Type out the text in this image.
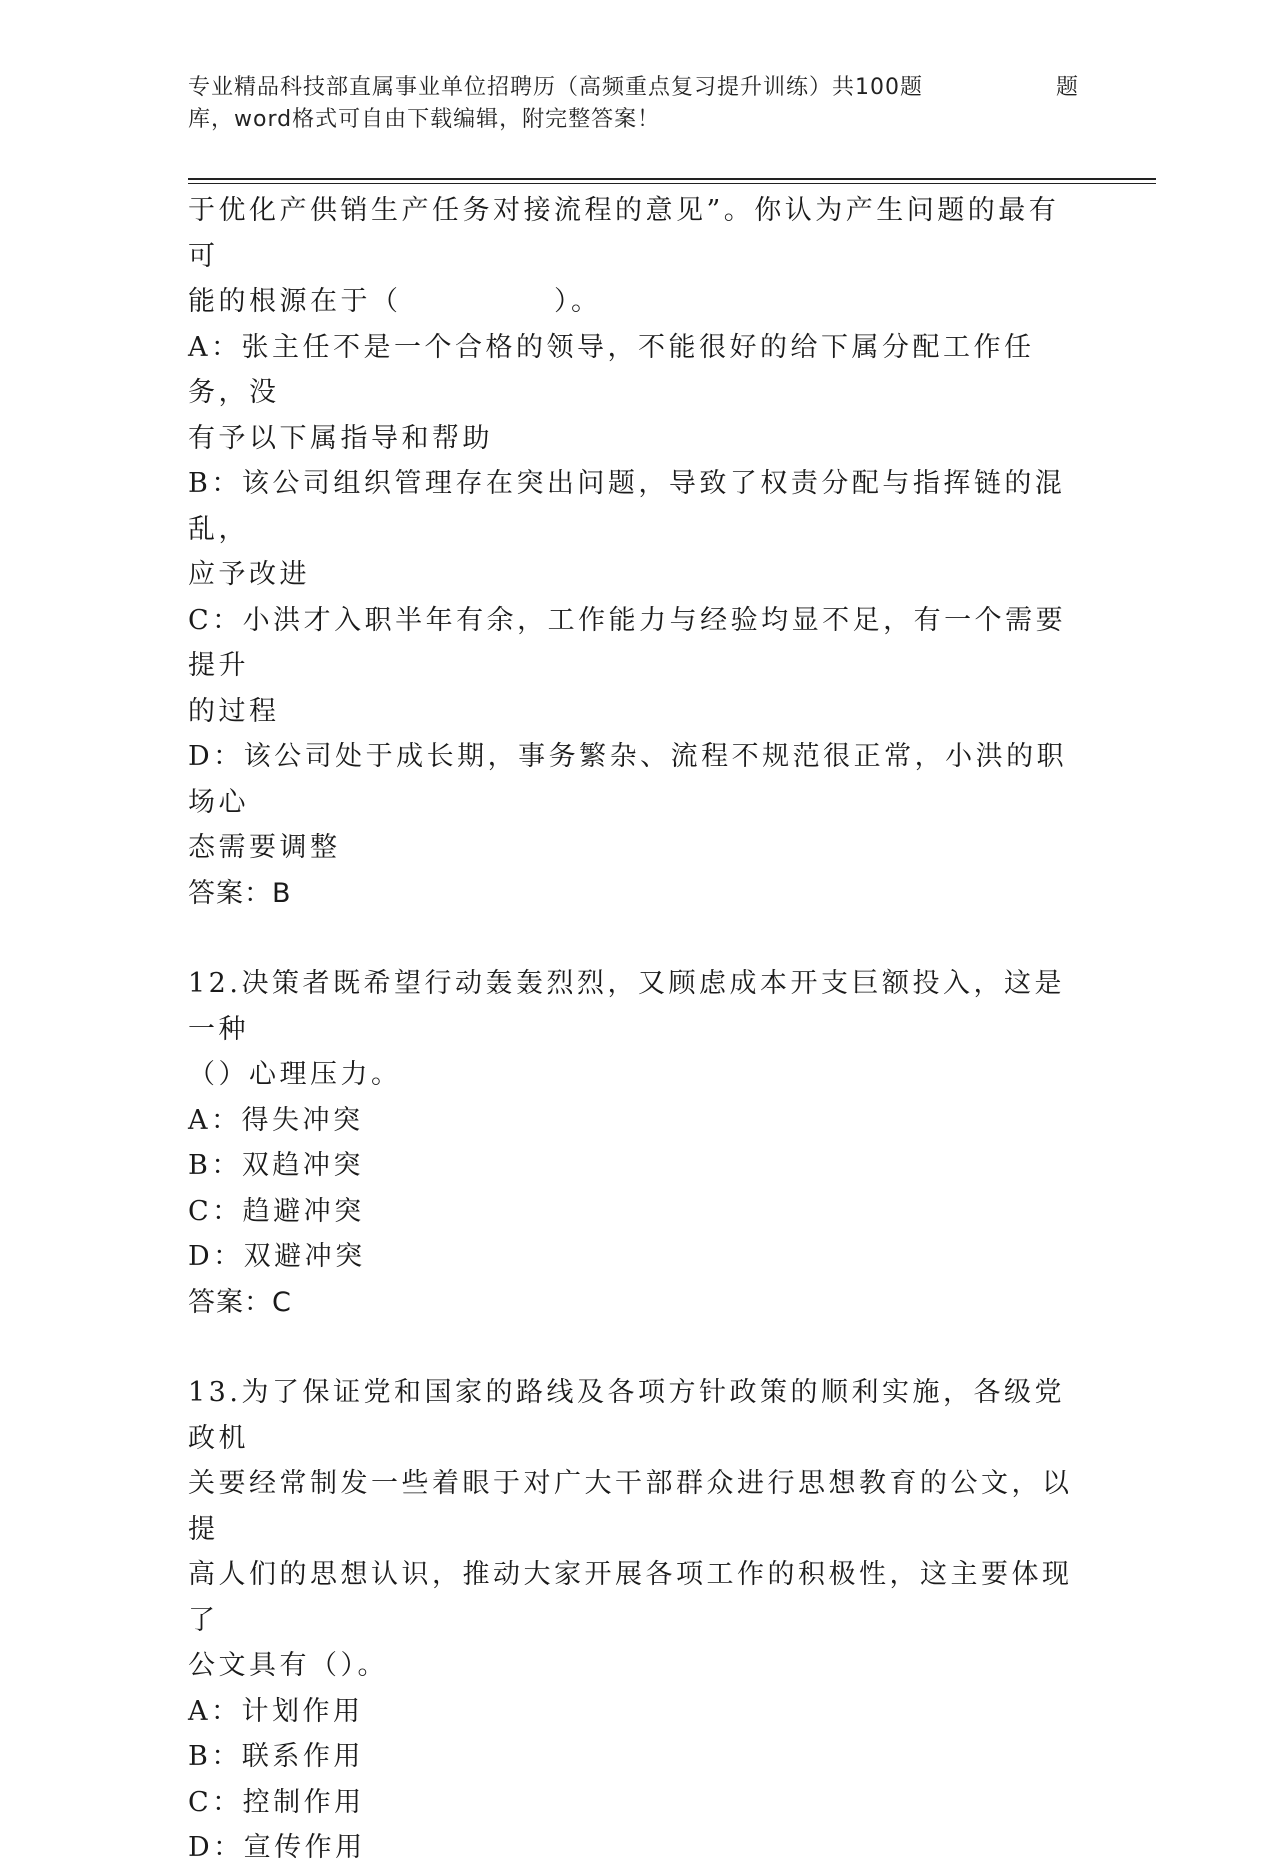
专业精品科技部直属事业单位招聘历（高频重点复习提升训练）共100题	题
库，word格式可自由下载编辑，附完整答案！

于优化产供销生产任务对接流程的意见”。你认为产生问题的最有可

能的根源在于（　　　　　）。

A：张主任不是一个合格的领导，不能很好的给下属分配工作任务，没

有予以下属指导和帮助

B：该公司组织管理存在突出问题，导致了权责分配与指挥链的混乱，

应予改进

C：小洪才入职半年有余，工作能力与经验均显不足，有一个需要提升

的过程

D：该公司处于成长期，事务繁杂、流程不规范很正常，小洪的职场心

态需要调整

答案：B

12.决策者既希望行动轰轰烈烈，又顾虑成本开支巨额投入，这是一种

（）心理压力。

A：得失冲突

B：双趋冲突

C：趋避冲突

D：双避冲突

答案：C

13.为了保证党和国家的路线及各项方针政策的顺利实施，各级党政机

关要经常制发一些着眼于对广大干部群众进行思想教育的公文，以提

高人们的思想认识，推动大家开展各项工作的积极性，这主要体现了

公文具有（）。

A：计划作用

B：联系作用

C：控制作用

D：宣传作用
